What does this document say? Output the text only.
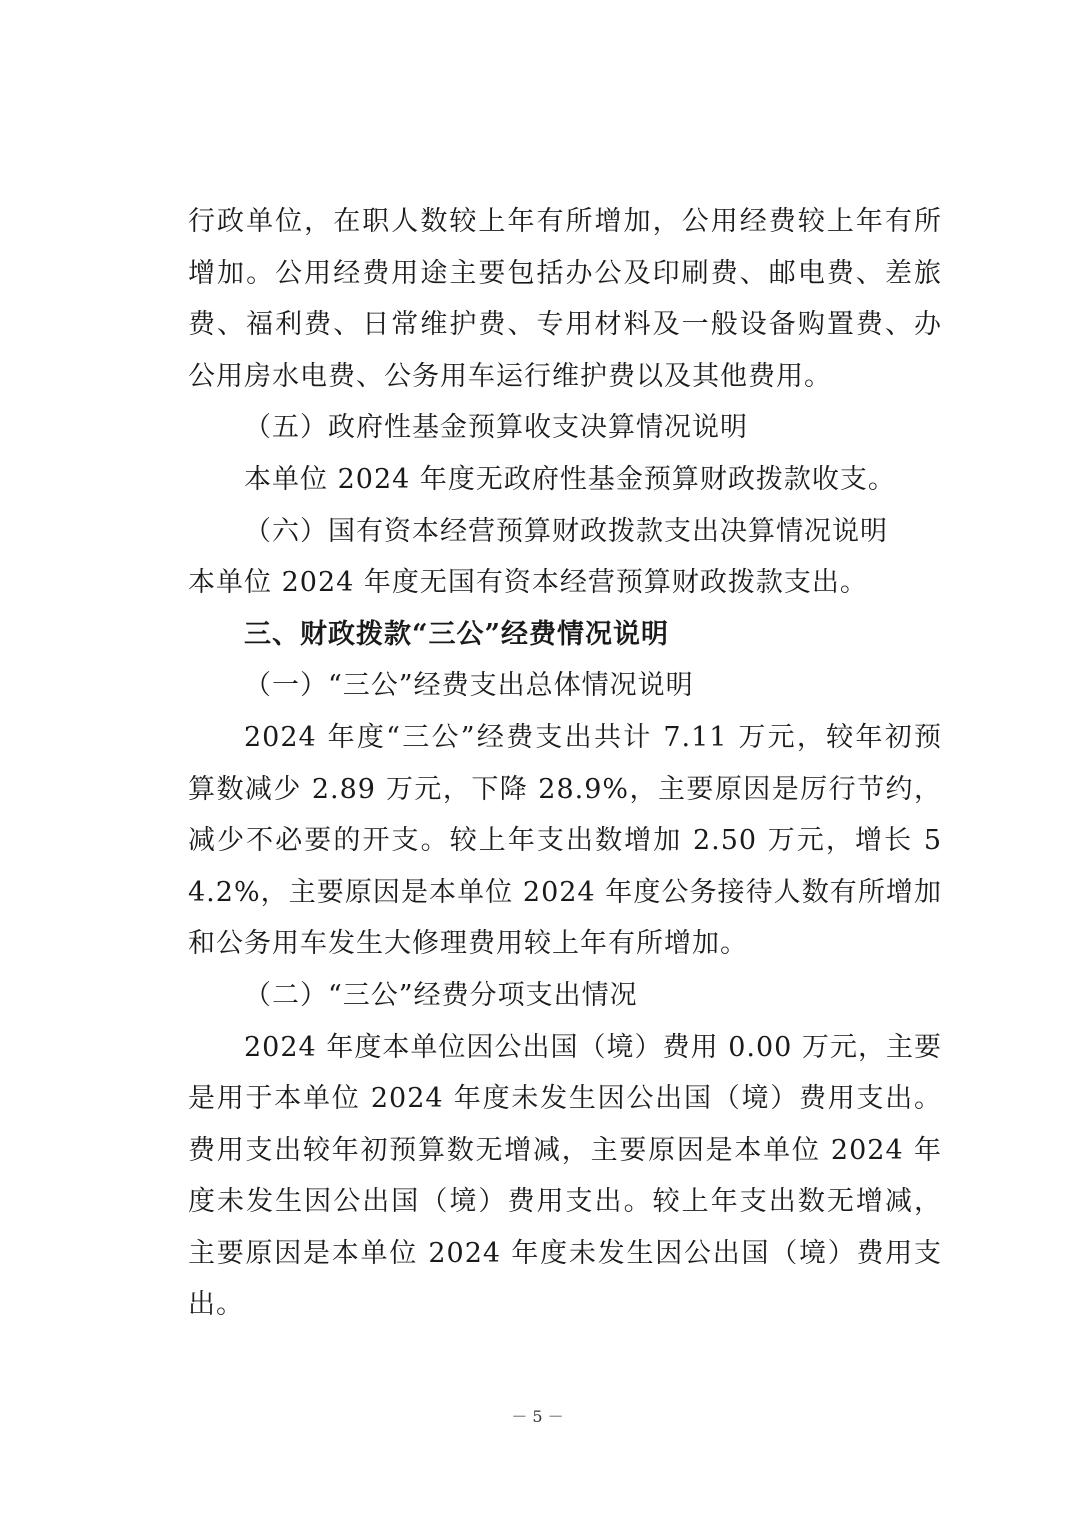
行政单位，在职人数较上年有所增加，公用经费较上年有所增加。公用经费用途主要包括办公及印刷费、邮电费、差旅费、福利费、日常维护费、专用材料及一般设备购置费、办公用房水电费、公务用车运行维护费以及其他费用。

（五）政府性基金预算收支决算情况说明

本单位 2024 年度无政府性基金预算财政拨款收支。

（六）国有资本经营预算财政拨款支出决算情况说明

本单位 2024 年度无国有资本经营预算财政拨款支出。

三、财政拨款“三公”经费情况说明

（一）“三公”经费支出总体情况说明

2024 年度“三公”经费支出共计 7.11 万元，较年初预算数减少 2.89 万元，下降 28.9%，主要原因是厉行节约，减少不必要的开支。较上年支出数增加 2.50 万元，增长 54.2%，主要原因是本单位 2024 年度公务接待人数有所增加和公务用车发生大修理费用较上年有所增加。

（二）“三公”经费分项支出情况

2024 年度本单位因公出国（境）费用 0.00 万元，主要是用于本单位 2024 年度未发生因公出国（境）费用支出。费用支出较年初预算数无增减，主要原因是本单位 2024 年度未发生因公出国（境）费用支出。较上年支出数无增减，主要原因是本单位 2024 年度未发生因公出国（境）费用支出。

－ 5 －
